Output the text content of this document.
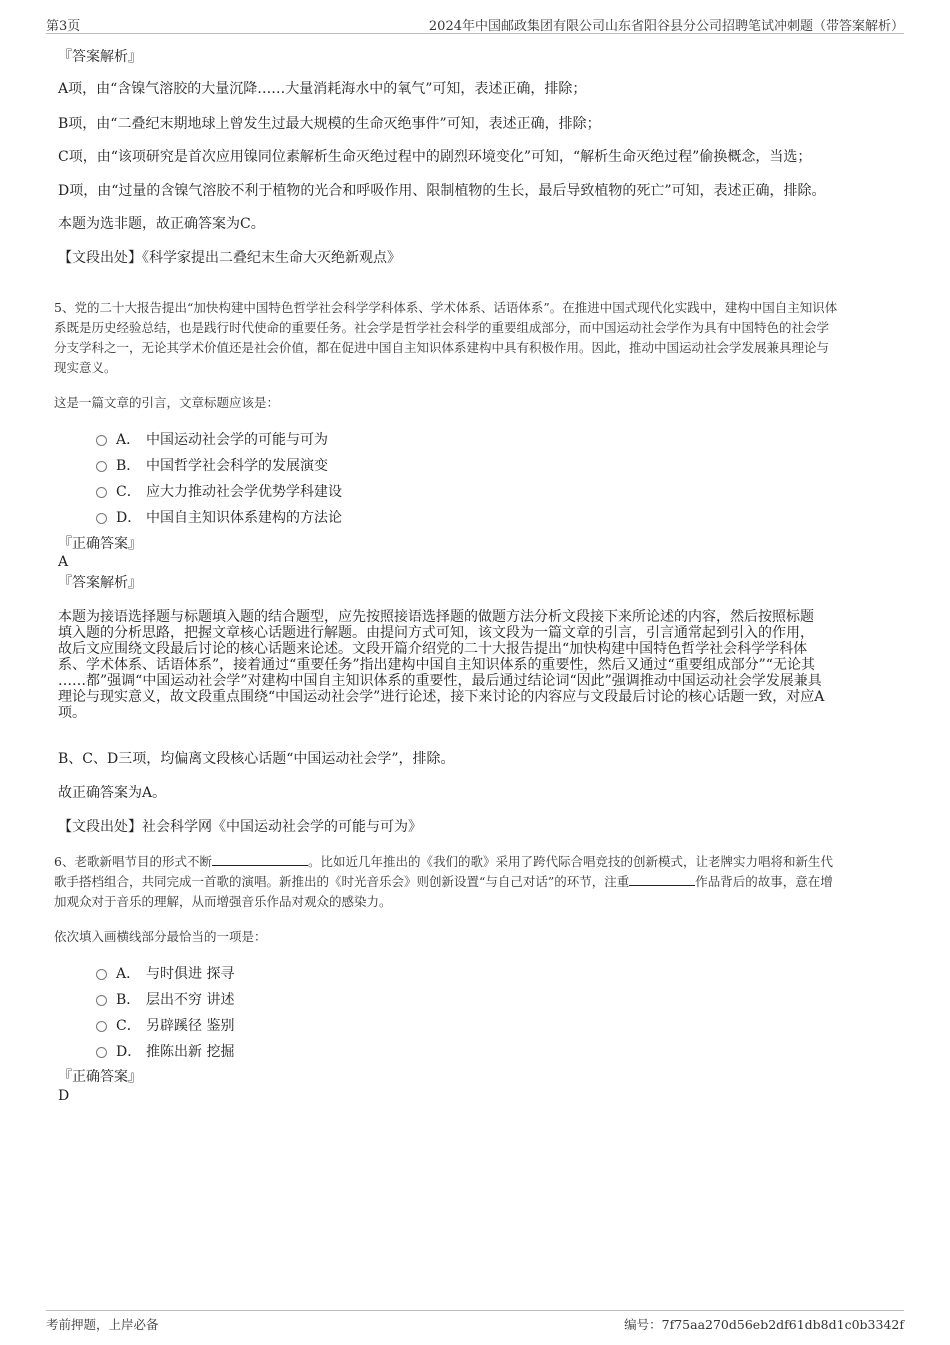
第3页	2024年中国邮政集团有限公司山东省阳谷县分公司招聘笔试冲刺题（带答案解析）
『答案解析』
A项，由“含镍气溶胶的大量沉降……大量消耗海水中的氧气”可知，表述正确，排除；
B项，由“二叠纪末期地球上曾发生过最大规模的生命灭绝事件”可知，表述正确，排除；
C项，由“该项研究是首次应用镍同位素解析生命灭绝过程中的剧烈环境变化”可知，“解析生命灭绝过程”偷换概念，当选；
D项，由“过量的含镍气溶胶不利于植物的光合和呼吸作用、限制植物的生长，最后导致植物的死亡”可知，表述正确，排除。
本题为选非题，故正确答案为C。
【文段出处】《科学家提出二叠纪末生命大灭绝新观点》
5、党的二十大报告提出“加快构建中国特色哲学社会科学学科体系、学术体系、话语体系”。在推进中国式现代化实践中，建构中国自主知识体
系既是历史经验总结，也是践行时代使命的重要任务。社会学是哲学社会科学的重要组成部分，而中国运动社会学作为具有中国特色的社会学
分支学科之一，无论其学术价值还是社会价值，都在促进中国自主知识体系建构中具有积极作用。因此，推动中国运动社会学发展兼具理论与
现实意义。
这是一篇文章的引言，文章标题应该是：
A． 中国运动社会学的可能与可为
B． 中国哲学社会科学的发展演变
C． 应大力推动社会学优势学科建设
D． 中国自主知识体系建构的方法论
『正确答案』
A
『答案解析』
本题为接语选择题与标题填入题的结合题型，应先按照接语选择题的做题方法分析文段接下来所论述的内容，然后按照标题
填入题的分析思路，把握文章核心话题进行解题。由提问方式可知，该文段为一篇文章的引言，引言通常起到引入的作用，
故后文应围绕文段最后讨论的核心话题来论述。文段开篇介绍党的二十大报告提出“加快构建中国特色哲学社会科学学科体
系、学术体系、话语体系”，接着通过“重要任务”指出建构中国自主知识体系的重要性，然后又通过“重要组成部分”“无论其
……都”强调“中国运动社会学”对建构中国自主知识体系的重要性，最后通过结论词“因此”强调推动中国运动社会学发展兼具
理论与现实意义，故文段重点围绕“中国运动社会学”进行论述，接下来讨论的内容应与文段最后讨论的核心话题一致，对应A
项。
B、C、D三项，均偏离文段核心话题“中国运动社会学”，排除。
故正确答案为A。
【文段出处】社会科学网《中国运动社会学的可能与可为》
6、老歌新唱节目的形式不断	。比如近几年推出的《我们的歌》采用了跨代际合唱竞技的创新模式，让老牌实力唱将和新生代
歌手搭档组合，共同完成一首歌的演唱。新推出的《时光音乐会》则创新设置“与自己对话”的环节，注重	作品背后的故事，意在增
加观众对于音乐的理解，从而增强音乐作品对观众的感染力。
依次填入画横线部分最恰当的一项是：
A． 与时俱进 探寻
B． 层出不穷 讲述
C． 另辟蹊径 鉴别
D． 推陈出新 挖掘
『正确答案』
D
考前押题，上岸必备	编号：7f75aa270d56eb2df61db8d1c0b3342f
